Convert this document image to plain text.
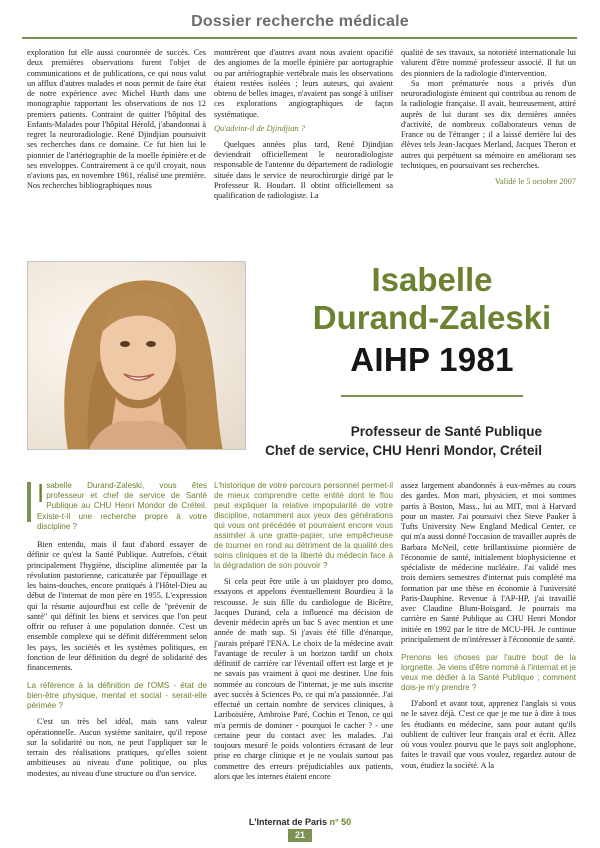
Dossier recherche médicale

exploration fut elle aussi couronnée de succès. Ces deux premières observations furent l'objet de communications et de publications, ce qui nous valut un afflux d'autres malades et nous permit de faire état de notre expérience avec Michel Hurth dans une monographie rapportant les observations de nos 12 premiers patients. Contraint de quitter l'hôpital des Enfants-Malades pour l'hôpital Hérold, j'abandonnai à regret la neuroradiologie. René Djindjian poursuivit ses recherches dans ce domaine. Ce fut bien lui le pionnier de l'artériographie de la moelle épinière et de ses enveloppes. Contrairement à ce qu'il croyait, nous n'avions pas, en novembre 1961, réalisé une première. Nos recherches bibliographiques nous

montrèrent que d'autres avant nous avaient opacifié des angiomes de la moelle épinière par aortographie ou par artériographie vertébrale mais les observations étaient restées isolées ; leurs auteurs, qui avaient obtenu de belles images, n'avaient pas songé à utiliser ces explorations angiographiques de façon systématique.

Qu'advint-il de Djindjian ?

Quelques années plus tard, René Djindjian deviendrait officiellement le neuroradiologiste responsable de l'antenne du département de radiologie située dans le service de neurochirurgie dirigé par le Professeur R. Houdart. Il obtint officiellement sa qualification de radiologiste. La

qualité de ses travaux, sa notoriété internationale lui valurent d'être nommé professeur associé. Il fut un des pionniers de la radiologie d'intervention.

Sa mort prématurée nous a privés d'un neuroradiologiste éminent qui contribua au renom de la radiologie française. Il avait, heureusement, attiré auprès de lui durant ses dix dernières années d'activité, de nombreux collaborateurs venus de France ou de l'étranger ; il a laissé derrière lui des élèves tels Jean-Jacques Merland, Jacques Theron et autres qui perpétuent sa mémoire en améliorant ses techniques, en poursuivant ses recherches.

Validé le 5 octobre 2007
Isabelle
Durand-Zaleski
AIHP 1981
Professeur de Santé Publique
Chef de service, CHU Henri Mondor, Créteil
Isabelle Durand-Zaleski, vous êtes professeur et chef de service de Santé Publique au CHU Henri Mondor de Créteil. Existe-t-il une recherche propre à votre discipline ?

Bien entendu, mais il faut d'abord essayer de définir ce qu'est la Santé Publique. Autrefois, c'était principalement l'hygiène, discipline alimentée par la révolution pastorienne, caricaturée par l'épouillage et les bains-douches, encore pratiqués à l'Hôtel-Dieu au début de l'internat de mon père en 1955. L'expression qui la résume aujourd'hui est celle de "prévenir de santé" qui définit les biens et services que l'on peut offrir ou refuser à une population donnée. C'est un ensemble complexe qui se définit différemment selon les pays, les sociétés et les systèmes politiques, en fonction de leur définition du degré de solidarité des financements.

La référence à la définition de l'OMS - état de bien-être physique, mental et social - serait-elle périmée ?

C'est un très bel idéal, mais sans valeur opérationnelle. Aucun système sanitaire, qu'il repose sur la solidarité ou non, ne peut l'appliquer sur le terrain des réalisations pratiques, qu'elles soient ambitieuses au niveau d'une politique, ou plus modestes, au niveau d'une structure ou d'un service.

L'historique de votre parcours personnel permet-il de mieux comprendre cette entité dont le flou peut expliquer la relative impopularité de votre discipline, notamment aux yeux des générations qui vous ont précédée et pourraient encore vous assimiler à une gratte-papier, une empêcheuse de tourner en rond au détriment de la qualité des soins cliniques et de la liberté du médecin face à la dégradation de son pouvoir ?

Si cela peut être utile à un plaidoyer pro domo, essayons et appelons éventuellement Bourdieu à la rescousse. Je suis fille du cardiologue de Bicêtre, Jacques Durand, cela a influencé ma décision de devenir médecin après un bac S avec mention et une année de math sup. Si j'avais été fille d'énarque, j'aurais préparé l'ENA. Le choix de la médecine avait l'avantage de reculer à un horizon tardif un choix définitif de carrière car l'éventail offert est large et je ne savais pas vraiment à quoi me destiner. Une fois nommée au concours de l'internat, je me suis inscrite avec succès à Sciences Po, ce qui m'a passionnée. J'ai effectué un certain nombre de services cliniques, à Lariboisière, Ambroise Paré, Cochin et Tenon, ce qui m'a permis de dominer - pourquoi le cacher ? - une certaine peur du contact avec les malades. J'ai toujours mesuré le poids volontiers écrasant de leur prise en charge clinique et je ne voulais surtout pas commettre des erreurs préjudiciables aux patients, alors que les internes étaient encore

assez largement abandonnés à eux-mêmes au cours des gardes. Mon mari, physicien, et moi sommes partis à Boston, Mass., lui au MIT, moi à Harvard pour un master. J'ai poursuivi chez Steve Pauker à Tufts University New England Medical Center, ce qui m'a aussi donné l'occasion de travailler auprès de Barbara McNeil, cette brillantissime pionnière de l'économie de santé, initialement biophysicienne et spécialiste de médecine nucléaire. J'ai validé mes trois derniers semestres d'internat puis complété ma formation par une thèse en économie à l'université Paris-Dauphine. Revenue à l'AP-HP, j'ai travaillé avec Claudine Blum-Boisgard. Je pourrais ma carrière en Santé Publique au CHU Henri Mondor initiée en 1992 par le titre de MCU-PH. Je continue principalement de m'intéresser à l'économie de santé.

Prenons les choses par l'autre bout de la lorgnette. Je viens d'être nommé à l'internat et je veux me dédier à la Santé Publique ; comment dois-je m'y prendre ?

D'abord et avant tout, apprenez l'anglais si vous ne le savez déjà. C'est ce que je me tue à dire à tous les étudiants en médecine, sans pour autant qu'ils oublient de cultiver leur français oral et écrit. Allez où vous voulez pourvu que le pays soit anglophone, faites le travail que vous voulez, regardez autour de vous, étudiez la société. A la

L'Internat de Paris n° 50
21
